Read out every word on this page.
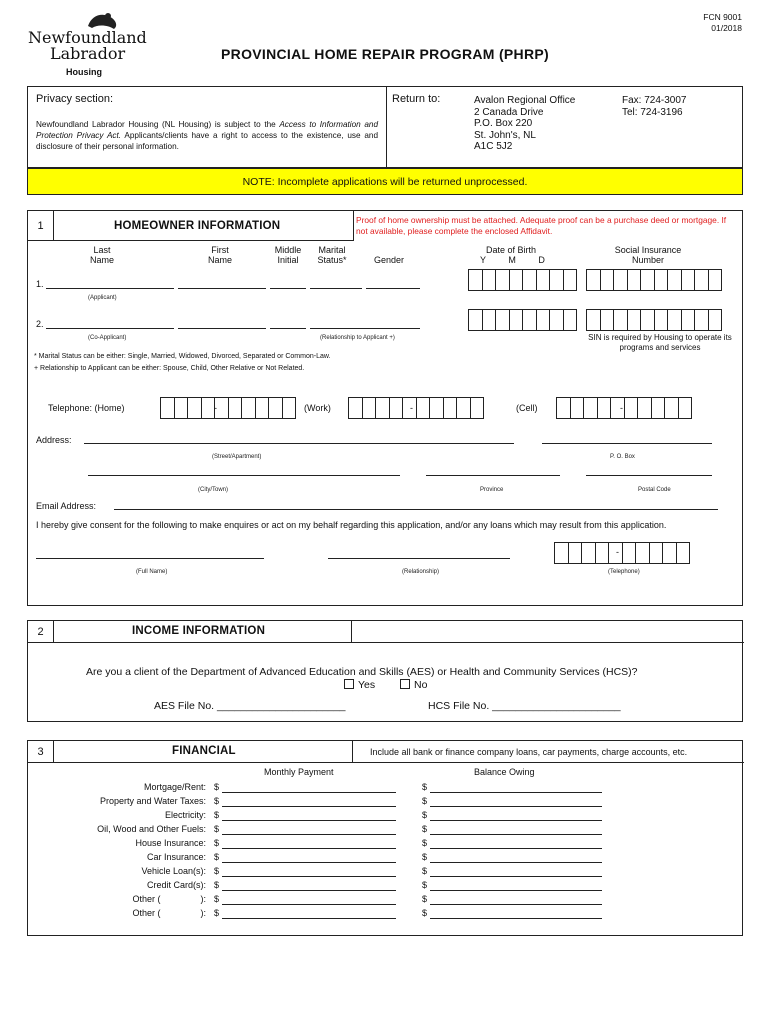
FCN 9001
01/2018
Newfoundland
Labrador
Housing
PROVINCIAL HOME REPAIR PROGRAM (PHRP)
Privacy section:
Newfoundland Labrador Housing (NL Housing) is subject to the Access to Information and Protection Privacy Act. Applicants/clients have a right to access to the existence, use and disclosure of their personal information.
Return to:	Avalon Regional Office
2 Canada Drive
P.O. Box 220
St. John's, NL
A1C 5J2
Fax: 724-3007
Tel: 724-3196
NOTE: Incomplete applications will be returned unprocessed.
1	HOMEOWNER INFORMATION	Proof of home ownership must be attached. Adequate proof can be a purchase deed or mortgage. If not available, please complete the enclosed Affidavit.
Last
Name
First
Name
Middle
Initial
Marital
Status*	Gender
Date of Birth
Y         M         D
Social Insurance
Number
1.
(Applicant)
2.
(Co-Applicant)	(Relationship to Applicant +)	SIN is required by Housing to operate its programs and services
* Marital Status can be either: Single, Married, Widowed, Divorced, Separated or Common-Law.
+ Relationship to Applicant can be either: Spouse, Child, Other Relative or Not Related.
Telephone: (Home)	-	(Work)	-	(Cell)	-
Address:
(Street/Apartment)	P. O. Box
(City/Town)	Province	Postal Code
Email Address:
I hereby give consent for the following to make enquires or act on my behalf regarding this application, and/or any loans which may result from this application.
-
(Full Name)	(Relationship)	(Telephone)
2	INCOME INFORMATION
Are you a client of the Department of Advanced Education and Skills (AES) or Health and Community Services (HCS)?
Yes	No
AES File No. ______________________	HCS File No. ______________________
3	FINANCIAL	Include all bank or finance company loans, car payments, charge accounts, etc.
Monthly Payment	Balance Owing
Mortgage/Rent: $	$
Property and Water Taxes: $	$
Electricity: $	$
Oil, Wood and Other Fuels: $	$
House Insurance: $	$
Car Insurance: $	$
Vehicle Loan(s): $	$
Credit Card(s): $	$
Other (                ): $	$
Other (                ): $	$
